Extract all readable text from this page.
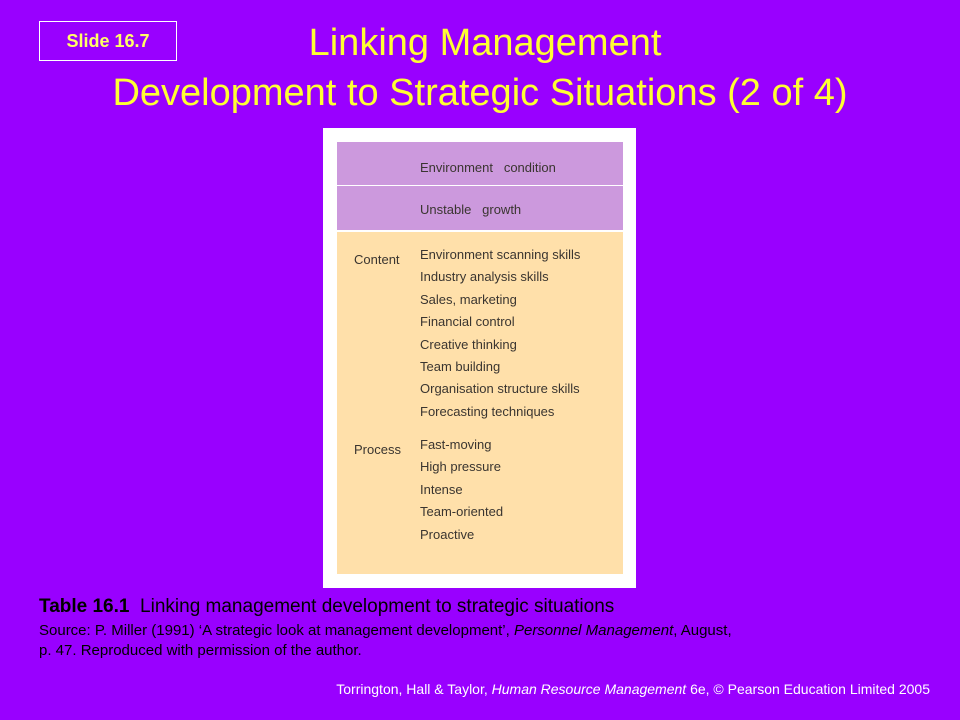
Slide 16.7	Linking Management
Development to Strategic Situations (2 of 4)
Environment   condition
Unstable   growth
Content Environment scanning skills
Industry analysis skills
Sales, marketing
Financial control
Creative thinking
Team building
Organisation structure skills
Forecasting techniques
Process Fast-moving
High pressure
Intense
Team-oriented
Proactive
Table 16.1 Linking management development to strategic situations
Source: P. Miller (1991) ‘A strategic look at management development’, Personnel Management, August,
p. 47. Reproduced with permission of the author.
Torrington, Hall & Taylor, Human Resource Management 6e, © Pearson Education Limited 2005
